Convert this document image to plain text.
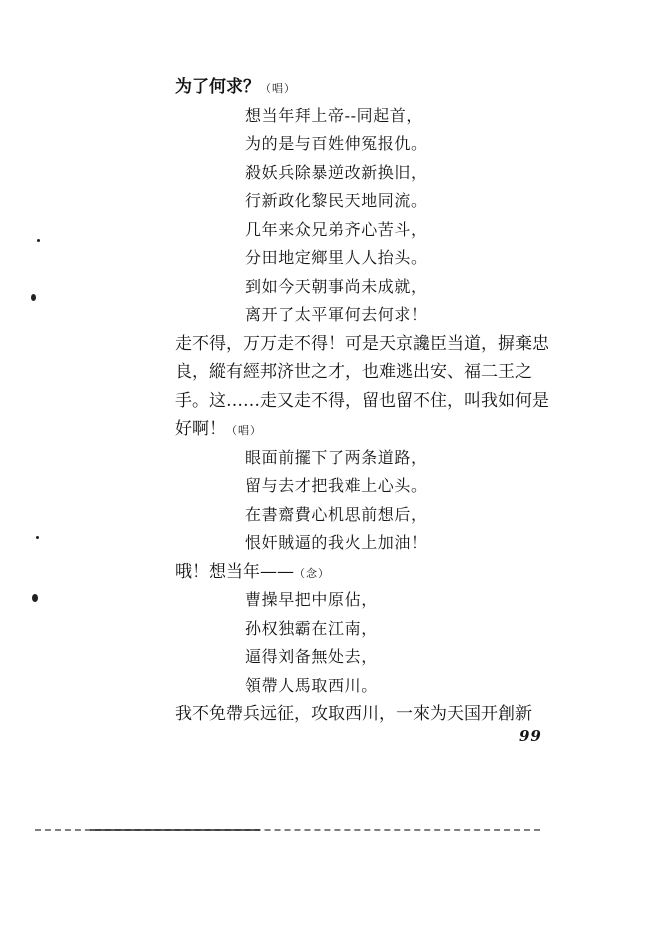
为了何求？（唱）
想当年拜上帝--同起首，
为的是与百姓伸冤报仇。
殺妖兵除暴逆改新换旧，
行新政化黎民天地同流。
几年来众兄弟齐心苦斗，
分田地定鄉里人人抬头。
到如今天朝事尚未成就，
离开了太平軍何去何求！
走不得，万万走不得！可是天京讒臣当道，摒棄忠
良，縱有經邦济世之才，也难逃出安、福二王之
手。这……走又走不得，留也留不住，叫我如何是
好啊！（唱）
眼面前擺下了两条道路，
留与去才把我难上心头。
在書齋費心机思前想后，
恨奸賊逼的我火上加油！
哦！想当年——（念）
曹操早把中原佔，
孙权独霸在江南，
逼得刘备無处去，
領帶人馬取西川。
我不免帶兵远征，攻取西川，一來为天国开創新
99
